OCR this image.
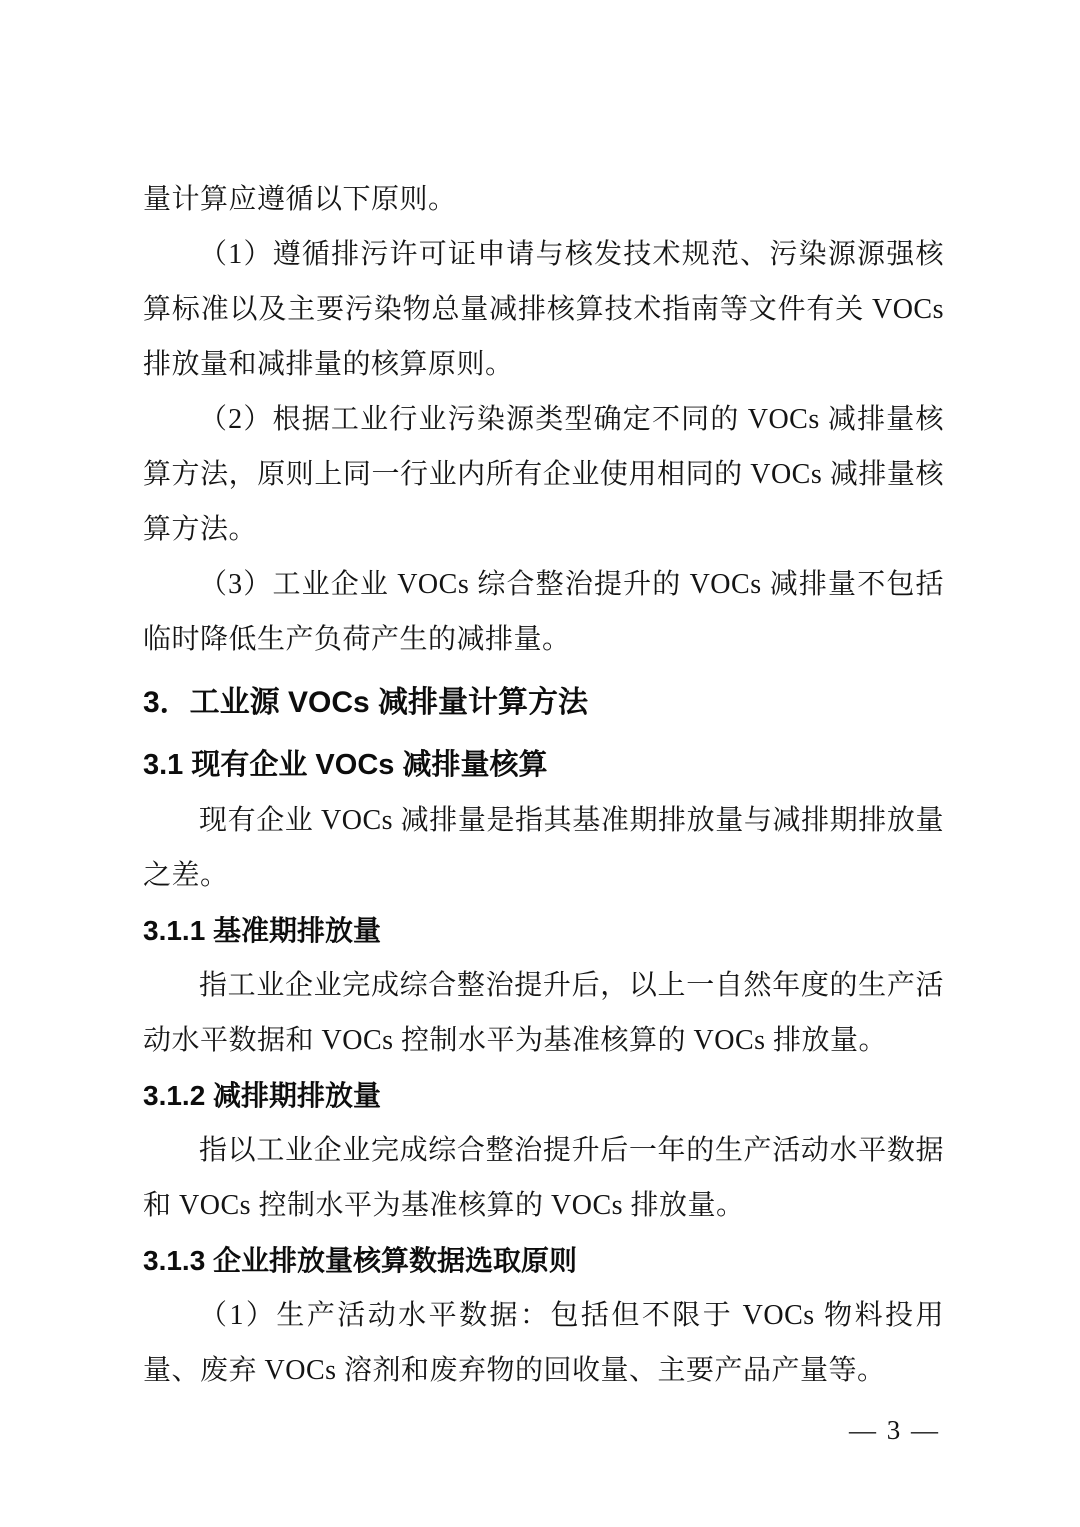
量计算应遵循以下原则。

（1）遵循排污许可证申请与核发技术规范、污染源源强核算标准以及主要污染物总量减排核算技术指南等文件有关 VOCs 排放量和减排量的核算原则。

（2）根据工业行业污染源类型确定不同的 VOCs 减排量核算方法，原则上同一行业内所有企业使用相同的 VOCs 减排量核算方法。

（3）工业企业 VOCs 综合整治提升的 VOCs 减排量不包括临时降低生产负荷产生的减排量。

3．工业源 VOCs 减排量计算方法
3.1 现有企业 VOCs 减排量核算

现有企业 VOCs 减排量是指其基准期排放量与减排期排放量之差。

3.1.1 基准期排放量

指工业企业完成综合整治提升后，以上一自然年度的生产活动水平数据和 VOCs 控制水平为基准核算的 VOCs 排放量。

3.1.2 减排期排放量

指以工业企业完成综合整治提升后一年的生产活动水平数据和 VOCs 控制水平为基准核算的 VOCs 排放量。

3.1.3 企业排放量核算数据选取原则

（1）生产活动水平数据：包括但不限于 VOCs 物料投用量、废弃 VOCs 溶剂和废弃物的回收量、主要产品产量等。

— 3 —
